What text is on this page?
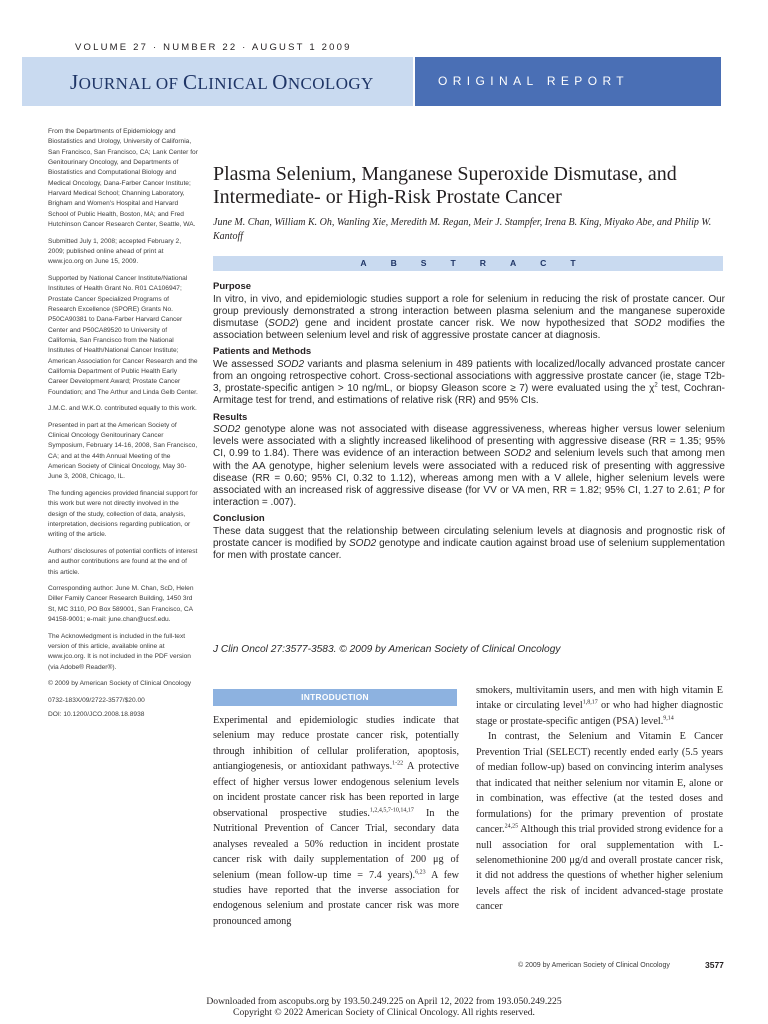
VOLUME 27 · NUMBER 22 · AUGUST 1 2009
JOURNAL OF CLINICAL ONCOLOGY	ORIGINAL REPORT

From the Departments of Epidemiology and Biostatistics and Urology, University of California, San Francisco, San Francisco, CA; Lank Center for Genitourinary Oncology, and Departments of Biostatistics and Computational Biology and Medical Oncology, Dana-Farber Cancer Institute; Harvard Medical School; Channing Laboratory, Brigham and Women's Hospital and Harvard School of Public Health, Boston, MA; and Fred Hutchinson Cancer Research Center, Seattle, WA.

Submitted July 1, 2008; accepted February 2, 2009; published online ahead of print at www.jco.org on June 15, 2009.

Supported by National Cancer Institute/National Institutes of Health Grant No. R01 CA106947; Prostate Cancer Specialized Programs of Research Excellence (SPORE) Grants No. P50CA90381 to Dana-Farber Harvard Cancer Center and P50CA89520 to University of California, San Francisco from the National Institutes of Health/National Cancer Institute; American Association for Cancer Research and the California Department of Public Health Early Career Development Award; Prostate Cancer Foundation; and The Arthur and Linda Gelb Center.

J.M.C. and W.K.O. contributed equally to this work.

Presented in part at the American Society of Clinical Oncology Genitourinary Cancer Symposium, February 14-16, 2008, San Francisco, CA; and at the 44th Annual Meeting of the American Society of Clinical Oncology, May 30-June 3, 2008, Chicago, IL.

The funding agencies provided financial support for this work but were not directly involved in the design of the study, collection of data, analysis, interpretation, decisions regarding publication, or writing of the article.

Authors' disclosures of potential conflicts of interest and author contributions are found at the end of this article.

Corresponding author: June M. Chan, ScD, Helen Diller Family Cancer Research Building, 1450 3rd St, MC 3110, PO Box 589001, San Francisco, CA 94158-9001; e-mail: june.chan@ucsf.edu.

The Acknowledgment is included in the full-text version of this article, available online at www.jco.org. It is not included in the PDF version (via Adobe® Reader®).

© 2009 by American Society of Clinical Oncology

0732-183X/09/2722-3577/$20.00

DOI: 10.1200/JCO.2008.18.8938

Plasma Selenium, Manganese Superoxide Dismutase, and Intermediate- or High-Risk Prostate Cancer
June M. Chan, William K. Oh, Wanling Xie, Meredith M. Regan, Meir J. Stampfer, Irena B. King, Miyako Abe, and Philip W. Kantoff
ABSTRACT
Purpose

In vitro, in vivo, and epidemiologic studies support a role for selenium in reducing the risk of prostate cancer. Our group previously demonstrated a strong interaction between plasma selenium and the manganese superoxide dismutase (SOD2) gene and incident prostate cancer risk. We now hypothesized that SOD2 modifies the association between selenium level and risk of aggressive prostate cancer at diagnosis.

Patients and Methods

We assessed SOD2 variants and plasma selenium in 489 patients with localized/locally advanced prostate cancer from an ongoing retrospective cohort. Cross-sectional associations with aggressive prostate cancer (ie, stage T2b-3, prostate-specific antigen > 10 ng/mL, or biopsy Gleason score ≥ 7) were evaluated using the $\chi^2$ test, Cochran-Armitage test for trend, and estimations of relative risk (RR) and 95% CIs.

Results

SOD2 genotype alone was not associated with disease aggressiveness, whereas higher versus lower selenium levels were associated with a slightly increased likelihood of presenting with aggressive disease (RR = 1.35; 95% CI, 0.99 to 1.84). There was evidence of an interaction between SOD2 and selenium levels such that among men with the AA genotype, higher selenium levels were associated with a reduced risk of presenting with aggressive disease (RR = 0.60; 95% CI, 0.32 to 1.12), whereas among men with a V allele, higher selenium levels were associated with an increased risk of aggressive disease (for VV or VA men, RR = 1.82; 95% CI, 1.27 to 2.61; P for interaction = .007).

Conclusion

These data suggest that the relationship between circulating selenium levels at diagnosis and prognostic risk of prostate cancer is modified by SOD2 genotype and indicate caution against broad use of selenium supplementation for men with prostate cancer.

J Clin Oncol 27:3577-3583. © 2009 by American Society of Clinical Oncology
INTRODUCTION

Experimental and epidemiologic studies indicate that selenium may reduce prostate cancer risk, potentially through inhibition of cellular proliferation, apoptosis, antiangiogenesis, or antioxidant pathways.$^{1-22}$ A protective effect of higher versus lower endogenous selenium levels on incident prostate cancer risk has been reported in large observational prospective studies.$^{1,2,4,5,7-10,14,17}$ In the Nutritional Prevention of Cancer Trial, secondary data analyses revealed a 50% reduction in incident prostate cancer risk with daily supplementation of 200 μg of selenium (mean follow-up time = 7.4 years).$^{6,23}$ A few studies have reported that the inverse association for endogenous selenium and prostate cancer risk was more pronounced among

smokers, multivitamin users, and men with high vitamin E intake or circulating level$^{1,8,17}$ or who had higher diagnostic stage or prostate-specific antigen (PSA) level.$^{9,14}$

In contrast, the Selenium and Vitamin E Cancer Prevention Trial (SELECT) recently ended early (5.5 years of median follow-up) based on convincing interim analyses that indicated that neither selenium nor vitamin E, alone or in combination, was effective (at the tested doses and formulations) for the primary prevention of prostate cancer.$^{24,25}$ Although this trial provided strong evidence for a null association for oral supplementation with L-selenomethionine 200 μg/d and overall prostate cancer risk, it did not address the questions of whether higher selenium levels affect the risk of incident advanced-stage prostate cancer

© 2009 by American Society of Clinical Oncology	3577
Downloaded from ascopubs.org by 193.50.249.225 on April 12, 2022 from 193.050.249.225
Copyright © 2022 American Society of Clinical Oncology. All rights reserved.
